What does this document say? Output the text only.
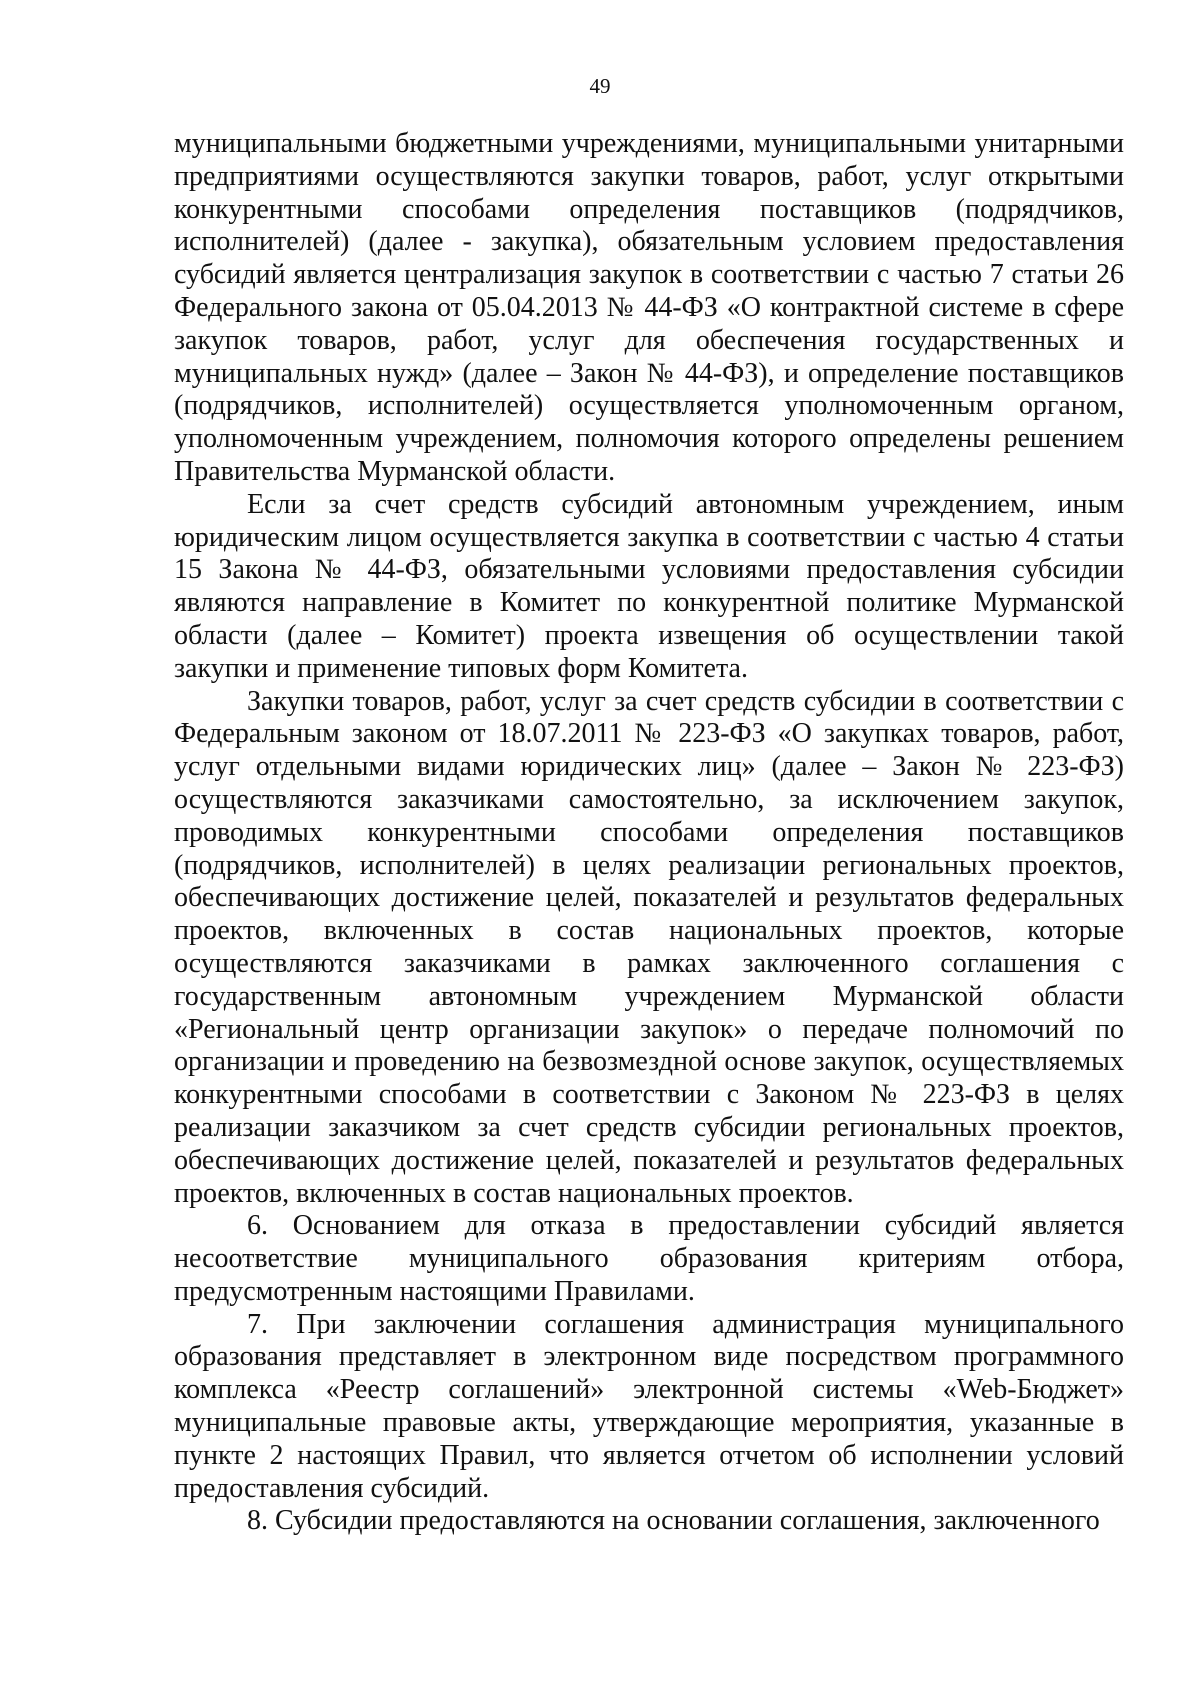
49

муниципальными бюджетными учреждениями, муниципальными унитарными предприятиями осуществляются закупки товаров, работ, услуг открытыми конкурентными способами определения поставщиков (подрядчиков, исполнителей) (далее - закупка), обязательным условием предоставления субсидий является централизация закупок в соответствии с частью 7 статьи 26 Федерального закона от 05.04.2013 № 44-ФЗ «О контрактной системе в сфере закупок товаров, работ, услуг для обеспечения государственных и муниципальных нужд» (далее – Закон № 44-ФЗ), и определение поставщиков (подрядчиков, исполнителей) осуществляется уполномоченным органом, уполномоченным учреждением, полномочия которого определены решением Правительства Мурманской области.

Если за счет средств субсидий автономным учреждением, иным юридическим лицом осуществляется закупка в соответствии с частью 4 статьи 15 Закона № 44-ФЗ, обязательными условиями предоставления субсидии являются направление в Комитет по конкурентной политике Мурманской области (далее – Комитет) проекта извещения об осуществлении такой закупки и применение типовых форм Комитета.

Закупки товаров, работ, услуг за счет средств субсидии в соответствии с Федеральным законом от 18.07.2011 № 223-ФЗ «О закупках товаров, работ, услуг отдельными видами юридических лиц» (далее – Закон № 223-ФЗ) осуществляются заказчиками самостоятельно, за исключением закупок, проводимых конкурентными способами определения поставщиков (подрядчиков, исполнителей) в целях реализации региональных проектов, обеспечивающих достижение целей, показателей и результатов федеральных проектов, включенных в состав национальных проектов, которые осуществляются заказчиками в рамках заключенного соглашения с государственным автономным учреждением Мурманской области «Региональный центр организации закупок» о передаче полномочий по организации и проведению на безвозмездной основе закупок, осуществляемых конкурентными способами в соответствии с Законом № 223-ФЗ в целях реализации заказчиком за счет средств субсидии региональных проектов, обеспечивающих достижение целей, показателей и результатов федеральных проектов, включенных в состав национальных проектов.

6. Основанием для отказа в предоставлении субсидий является несоответствие муниципального образования критериям отбора, предусмотренным настоящими Правилами.

7. При заключении соглашения администрация муниципального образования представляет в электронном виде посредством программного комплекса «Реестр соглашений» электронной системы «Web-Бюджет» муниципальные правовые акты, утверждающие мероприятия, указанные в пункте 2 настоящих Правил, что является отчетом об исполнении условий предоставления субсидий.

8. Субсидии предоставляются на основании соглашения, заключенного
